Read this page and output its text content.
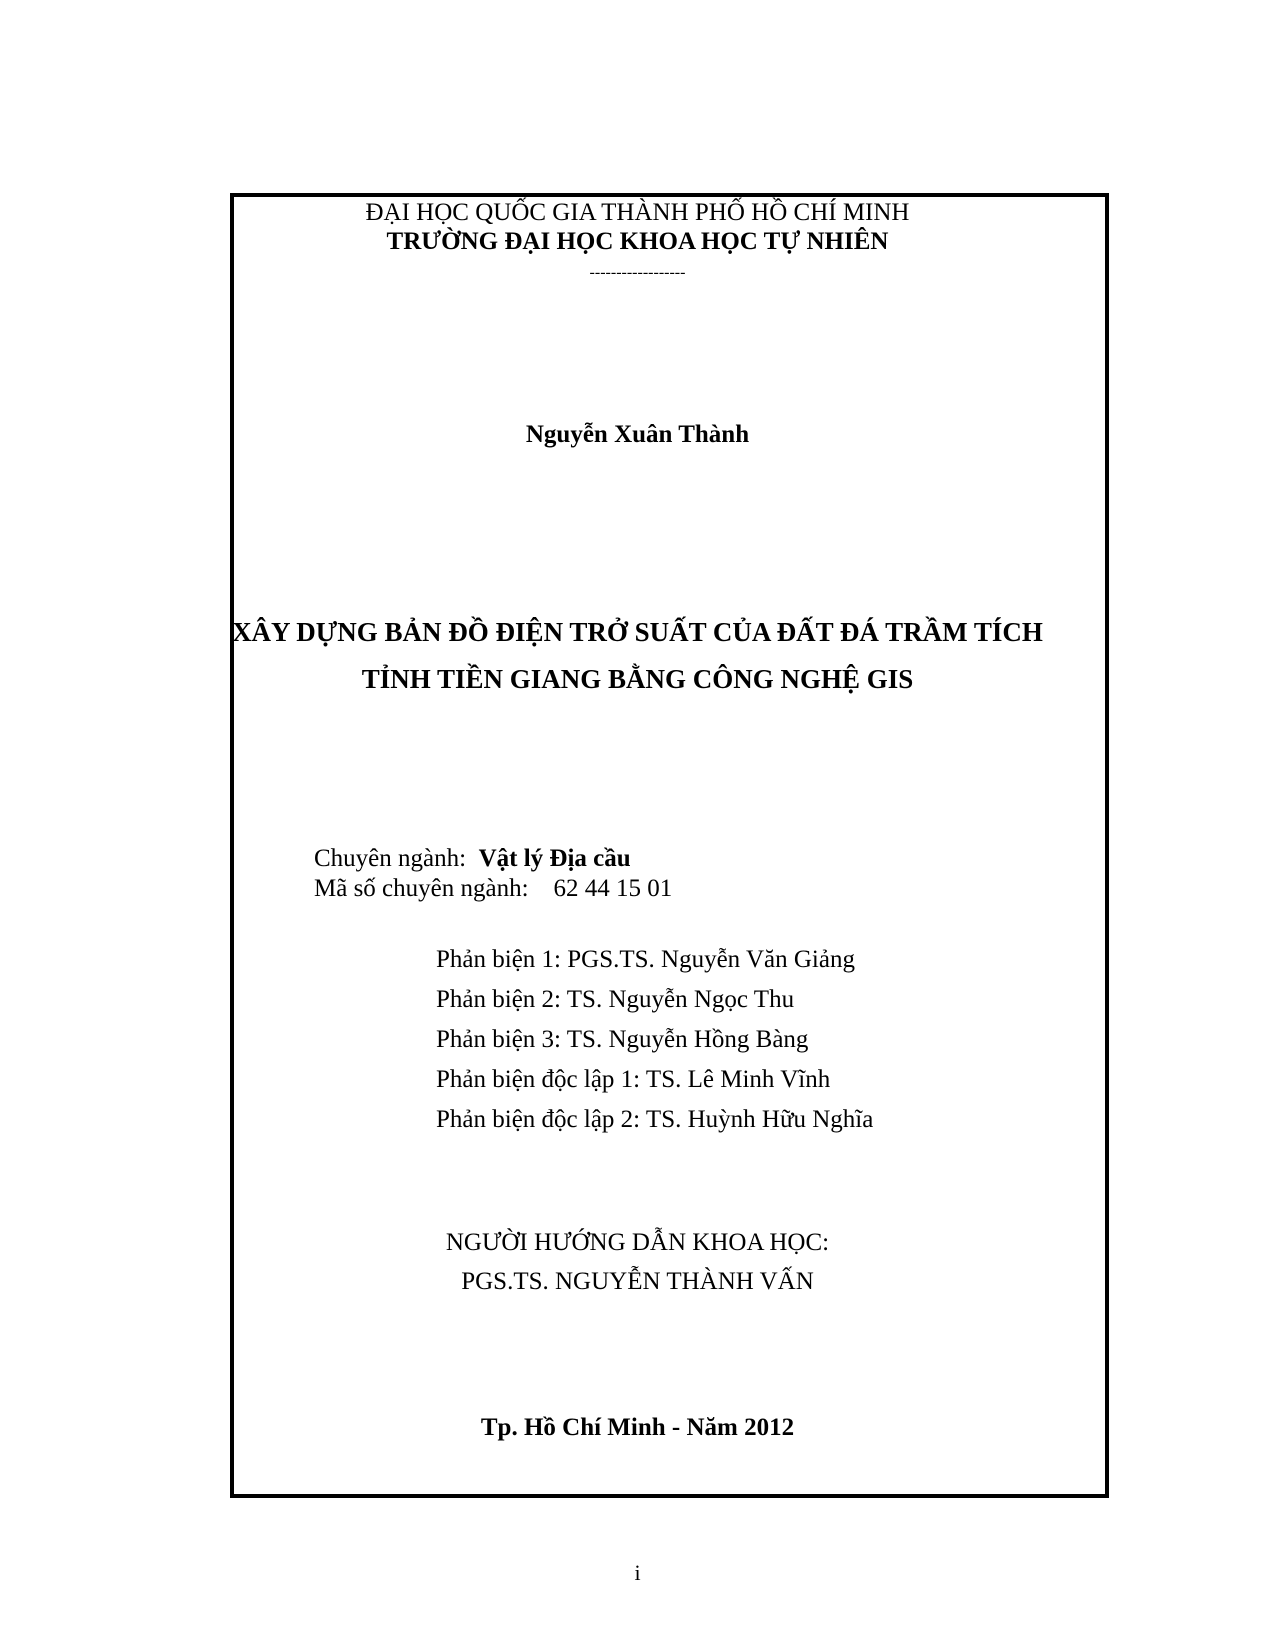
ĐẠI HỌC QUỐC GIA THÀNH PHỐ HỒ CHÍ MINH
TRƯỜNG ĐẠI HỌC KHOA HỌC TỰ NHIÊN
------------------
Nguyễn Xuân Thành
XÂY DỰNG BẢN ĐỒ ĐIỆN TRỞ SUẤT CỦA ĐẤT ĐÁ TRẦM TÍCH
TỈNH TIỀN GIANG BẰNG CÔNG NGHỆ GIS
Chuyên ngành: Vật lý Địa cầu
Mã số chuyên ngành: 62 44 15 01
Phản biện 1: PGS.TS. Nguyễn Văn Giảng
Phản biện 2: TS. Nguyễn Ngọc Thu
Phản biện 3: TS. Nguyễn Hồng Bàng
Phản biện độc lập 1: TS. Lê Minh Vĩnh
Phản biện độc lập 2: TS. Huỳnh Hữu Nghĩa
NGƯỜI HƯỚNG DẪN KHOA HỌC:
PGS.TS. NGUYỄN THÀNH VẤN
Tp. Hồ Chí Minh - Năm 2012
i
